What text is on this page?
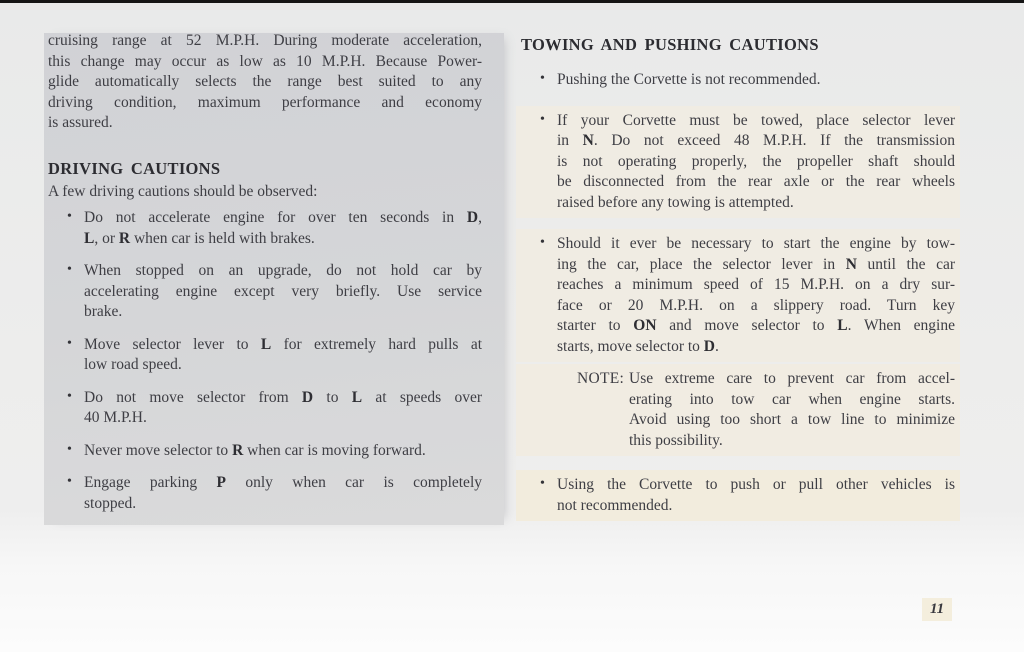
cruising range at 52 M.P.H. During moderate acceleration,
this change may occur as low as 10 M.P.H. Because Power-
glide automatically selects the range best suited to any
driving condition, maximum performance and economy
is assured.
DRIVING CAUTIONS
A few driving cautions should be observed:
• Do not accelerate engine for over ten seconds in D,
L, or R when car is held with brakes.
• When stopped on an upgrade, do not hold car by
accelerating engine except very briefly. Use service
brake.
• Move selector lever to L for extremely hard pulls at
low road speed.
• Do not move selector from D to L at speeds over
40 M.P.H.
• Never move selector to R when car is moving forward.
• Engage parking P only when car is completely
stopped.
TOWING AND PUSHING CAUTIONS
• Pushing the Corvette is not recommended.
• If your Corvette must be towed, place selector lever
in N. Do not exceed 48 M.P.H. If the transmission
is not operating properly, the propeller shaft should
be disconnected from the rear axle or the rear wheels
raised before any towing is attempted.
• Should it ever be necessary to start the engine by tow-
ing the car, place the selector lever in N until the car
reaches a minimum speed of 15 M.P.H. on a dry sur-
face or 20 M.P.H. on a slippery road. Turn key
starter to ON and move selector to L. When engine
starts, move selector to D.
NOTE: Use extreme care to prevent car from accel-
erating into tow car when engine starts.
Avoid using too short a tow line to minimize
this possibility.
• Using the Corvette to push or pull other vehicles is
not recommended.
11
